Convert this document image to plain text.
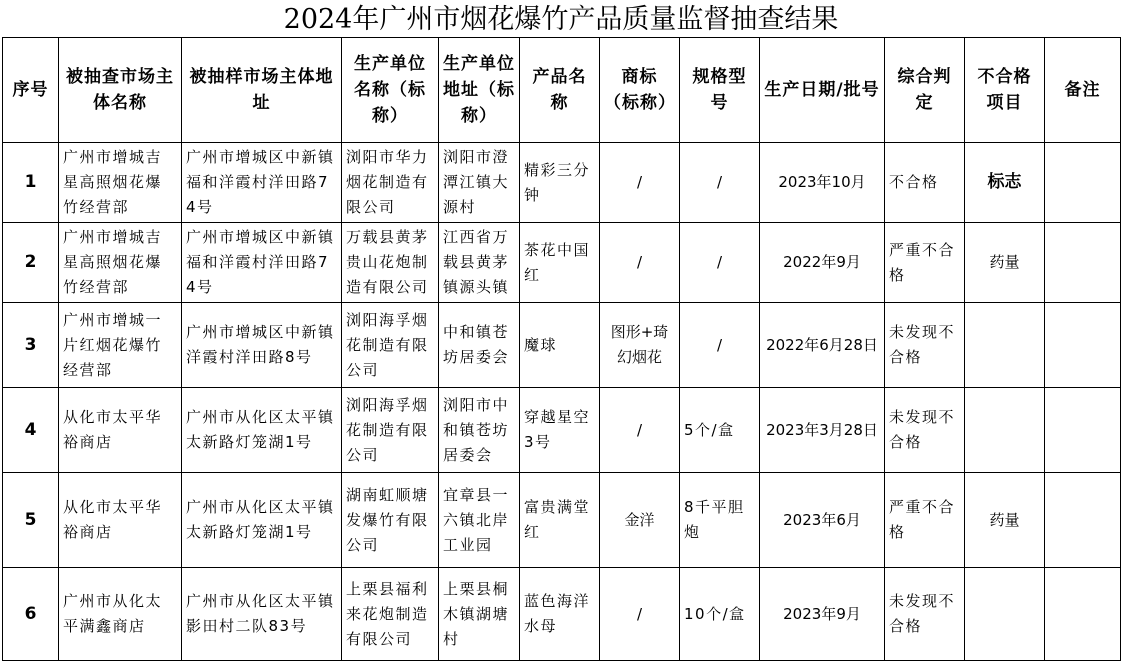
2024年广州市烟花爆竹产品质量监督抽查结果
序号	被抽查市场主体名称	被抽样市场主体地址	生产单位名称（标称）	生产单位地址（标称）	产品名称	商标（标称）	规格型号	生产日期/批号	综合判定	不合格项目	备注
1	广州市增城吉星高照烟花爆竹经营部	广州市增城区中新镇福和洋霞村洋田路74号	浏阳市华力烟花制造有限公司	浏阳市澄潭江镇大源村	精彩三分钟	/	/	2023年10月	不合格	标志	
2	广州市增城吉星高照烟花爆竹经营部	广州市增城区中新镇福和洋霞村洋田路74号	万载县黄茅贵山花炮制造有限公司	江西省万载县黄茅镇源头镇	茶花中国红	/	/	2022年9月	严重不合格	药量	
3	广州市增城一片红烟花爆竹经营部	广州市增城区中新镇洋霞村洋田路8号	浏阳海孚烟花制造有限公司	中和镇苍坊居委会	魔球	图形+琦幻烟花	/	2022年6月28日	未发现不合格		
4	从化市太平华裕商店	广州市从化区太平镇太新路灯笼湖1号	浏阳海孚烟花制造有限公司	浏阳市中和镇苍坊居委会	穿越星空3号	/	5个/盒	2023年3月28日	未发现不合格		
5	从化市太平华裕商店	广州市从化区太平镇太新路灯笼湖1号	湖南虹顺塘发爆竹有限公司	宜章县一六镇北岸工业园	富贵满堂红	金洋	8千平胆炮	2023年6月	严重不合格	药量	
6	广州市从化太平满鑫商店	广州市从化区太平镇影田村二队83号	上栗县福利来花炮制造有限公司	上栗县桐木镇湖塘村	蓝色海洋水母	/	10个/盒	2023年9月	未发现不合格		
